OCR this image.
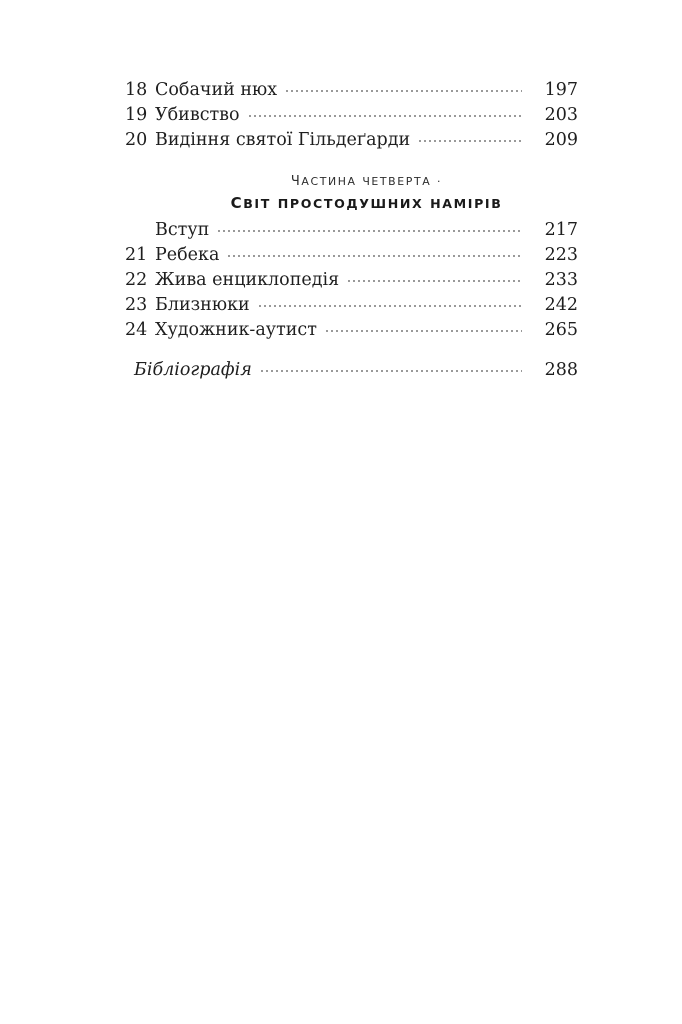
18 Собачий нюх	197
19 Убивство	203
20 Видіння святої Гільдеґарди	209
ЧАСТИНА ЧЕТВЕРТА ·
СВІТ ПРОСТОДУШНИХ НАМІРІВ
Вступ	217
21 Ребека	223
22 Жива енциклопедія	233
23 Близнюки	242
24 Художник-аутист	265
Бібліографія	288
